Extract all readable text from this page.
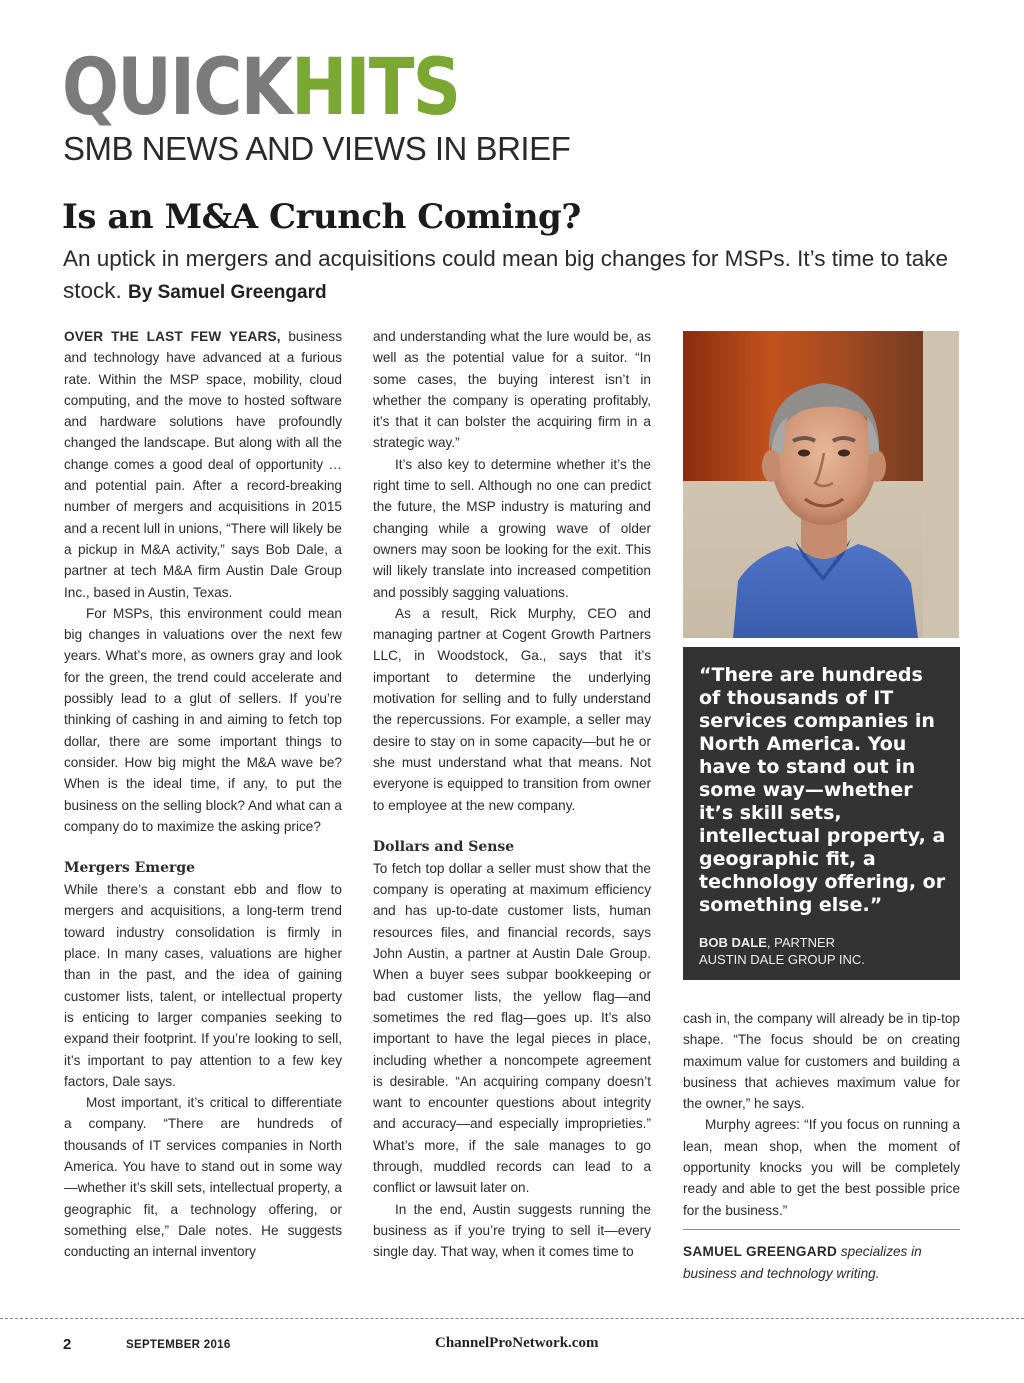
QUICKHITS
SMB NEWS AND VIEWS IN BRIEF
Is an M&A Crunch Coming?
An uptick in mergers and acquisitions could mean big changes for MSPs. It’s time to take stock. By Samuel Greengard

OVER THE LAST FEW YEARS, business and technology have advanced at a furious rate. Within the MSP space, mobility, cloud computing, and the move to hosted software and hardware solutions have profoundly changed the landscape. But along with all the change comes a good deal of opportunity … and potential pain. After a record-breaking number of mergers and acquisitions in 2015 and a recent lull in unions, “There will likely be a pickup in M&A activity,” says Bob Dale, a partner at tech M&A firm Austin Dale Group Inc., based in Austin, Texas.

For MSPs, this environment could mean big changes in valuations over the next few years. What’s more, as owners gray and look for the green, the trend could accelerate and possibly lead to a glut of sellers. If you’re thinking of cashing in and aiming to fetch top dollar, there are some important things to consider. How big might the M&A wave be? When is the ideal time, if any, to put the business on the selling block? And what can a company do to maximize the asking price?

Mergers Emerge

While there’s a constant ebb and flow to mergers and acquisitions, a long-term trend toward industry consolidation is firmly in place. In many cases, valuations are higher than in the past, and the idea of gaining customer lists, talent, or intellectual property is enticing to larger companies seeking to expand their footprint. If you’re looking to sell, it’s important to pay attention to a few key factors, Dale says.

Most important, it’s critical to differentiate a company. “There are hundreds of thousands of IT services companies in North America. You have to stand out in some way—whether it’s skill sets, intellectual property, a geographic fit, a technology offering, or something else,” Dale notes. He suggests conducting an internal inventory

and understanding what the lure would be, as well as the potential value for a suitor. “In some cases, the buying interest isn’t in whether the company is operating profitably, it’s that it can bolster the acquiring firm in a strategic way.”

It’s also key to determine whether it’s the right time to sell. Although no one can predict the future, the MSP industry is maturing and changing while a growing wave of older owners may soon be looking for the exit. This will likely translate into increased competition and possibly sagging valuations.

As a result, Rick Murphy, CEO and managing partner at Cogent Growth Partners LLC, in Woodstock, Ga., says that it’s important to determine the underlying motivation for selling and to fully understand the repercussions. For example, a seller may desire to stay on in some capacity—but he or she must understand what that means. Not everyone is equipped to transition from owner to employee at the new company.

Dollars and Sense

To fetch top dollar a seller must show that the company is operating at maximum efficiency and has up-to-date customer lists, human resources files, and financial records, says John Austin, a partner at Austin Dale Group. When a buyer sees subpar bookkeeping or bad customer lists, the yellow flag—and sometimes the red flag—goes up. It’s also important to have the legal pieces in place, including whether a noncompete agreement is desirable. “An acquiring company doesn’t want to encounter questions about integrity and accuracy—and especially improprieties.” What’s more, if the sale manages to go through, muddled records can lead to a conflict or lawsuit later on.

In the end, Austin suggests running the business as if you’re trying to sell it—every single day. That way, when it comes time to

“There are hundreds of thousands of IT services companies in North America. You have to stand out in some way—whether it’s skill sets, intellectual property, a geographic fit, a technology offering, or something else.”
BOB DALE, PARTNER
AUSTIN DALE GROUP INC.

cash in, the company will already be in tip-top shape. “The focus should be on creating maximum value for customers and building a business that achieves maximum value for the owner,” he says.

Murphy agrees: “If you focus on running a lean, mean shop, when the moment of opportunity knocks you will be completely ready and able to get the best possible price for the business.”

SAMUEL GREENGARD specializes in business and technology writing.
2	SEPTEMBER 2016	ChannelProNetwork.com
